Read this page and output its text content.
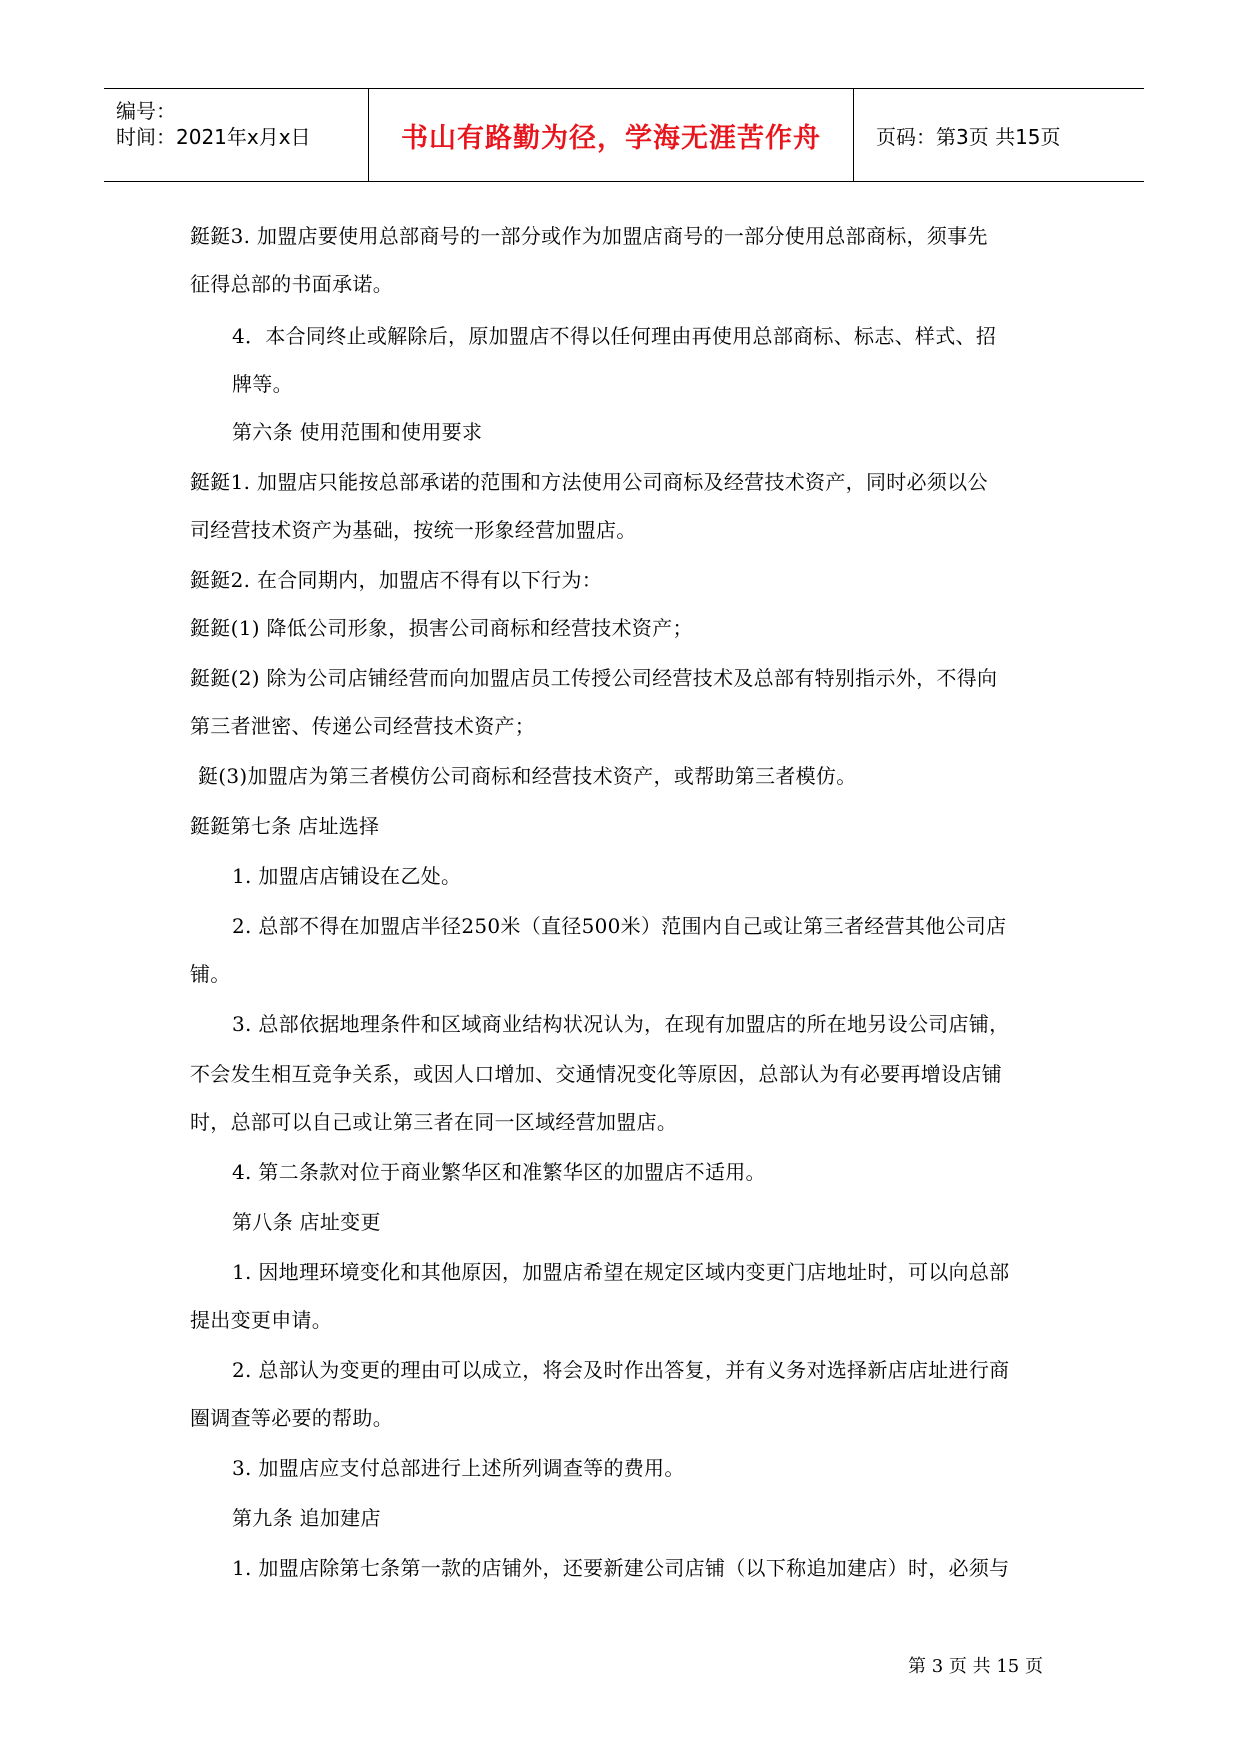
编号：
时间：2021年x月x日	书山有路勤为径，学海无涯苦作舟	页码：第3页 共15页
鋌鋌3. 加盟店要使用总部商号的一部分或作为加盟店商号的一部分使用总部商标，须事先
征得总部的书面承诺。
4．本合同终止或解除后，原加盟店不得以任何理由再使用总部商标、标志、样式、招
牌等。
第六条 使用范围和使用要求
鋌鋌1. 加盟店只能按总部承诺的范围和方法使用公司商标及经营技术资产，同时必须以公
司经营技术资产为基础，按统一形象经营加盟店。
鋌鋌2. 在合同期内，加盟店不得有以下行为：
鋌鋌(1) 降低公司形象，损害公司商标和经营技术资产；
鋌鋌(2) 除为公司店铺经营而向加盟店员工传授公司经营技术及总部有特别指示外，不得向
第三者泄密、传递公司经营技术资产；
鋌(3)加盟店为第三者模仿公司商标和经营技术资产，或帮助第三者模仿。
鋌鋌第七条 店址选择
1. 加盟店店铺设在乙处。
2. 总部不得在加盟店半径250米（直径500米）范围内自己或让第三者经营其他公司店
铺。
3. 总部依据地理条件和区域商业结构状况认为，在现有加盟店的所在地另设公司店铺，
不会发生相互竞争关系，或因人口增加、交通情况变化等原因，总部认为有必要再增设店铺
时，总部可以自己或让第三者在同一区域经营加盟店。
4. 第二条款对位于商业繁华区和准繁华区的加盟店不适用。
第八条 店址变更
1. 因地理环境变化和其他原因，加盟店希望在规定区域内变更门店地址时，可以向总部
提出变更申请。
2. 总部认为变更的理由可以成立，将会及时作出答复，并有义务对选择新店店址进行商
圈调查等必要的帮助。
3. 加盟店应支付总部进行上述所列调查等的费用。
第九条 追加建店
1. 加盟店除第七条第一款的店铺外，还要新建公司店铺（以下称追加建店）时，必须与
第 3 页 共 15 页
